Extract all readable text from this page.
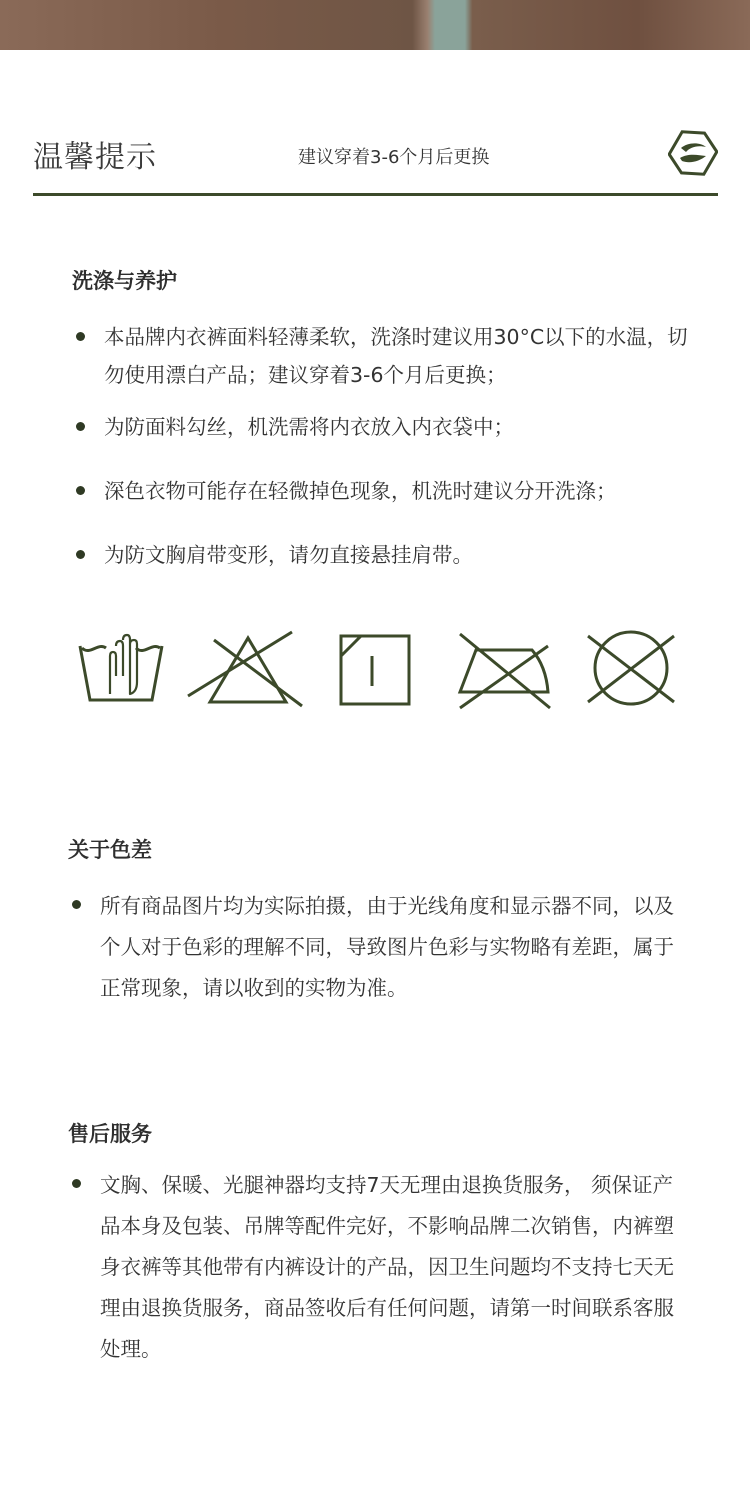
温馨提示	建议穿着3-6个月后更换
洗涤与养护
本品牌内衣裤面料轻薄柔软，洗涤时建议用30°C以下的水温，切勿使用漂白产品；建议穿着3-6个月后更换；
为防面料勾丝，机洗需将内衣放入内衣袋中；
深色衣物可能存在轻微掉色现象，机洗时建议分开洗涤；
为防文胸肩带变形，请勿直接悬挂肩带。
关于色差
所有商品图片均为实际拍摄，由于光线角度和显示器不同，以及个人对于色彩的理解不同，导致图片色彩与实物略有差距，属于正常现象，请以收到的实物为准。
售后服务
文胸、保暖、光腿神器均支持7天无理由退换货服务， 须保证产品本身及包装、吊牌等配件完好，不影响品牌二次销售，内裤塑身衣裤等其他带有内裤设计的产品，因卫生问题均不支持七天无理由退换货服务，商品签收后有任何问题，请第一时间联系客服处理。
